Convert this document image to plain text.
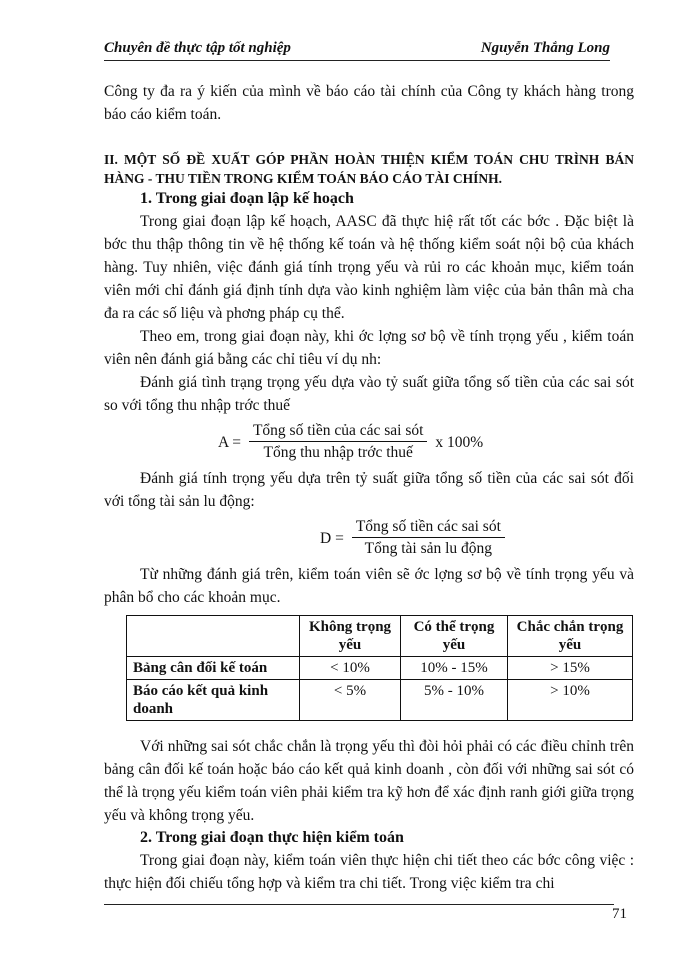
Chuyên đề thực tập tốt nghiệp	Nguyễn Thắng Long

Công ty đa ra ý kiến của mình về báo cáo tài chính của Công ty khách hàng trong báo cáo kiểm toán.

II. MỘT SỐ ĐỀ XUẤT GÓP PHẦN HOÀN THIỆN KIỂM TOÁN CHU TRÌNH BÁN HÀNG - THU TIỀN TRONG KIỂM TOÁN BÁO CÁO TÀI CHÍNH.

1. Trong giai đoạn lập kế hoạch

Trong giai đoạn lập kế hoạch, AASC đã thực hiệ rất tốt các bớc . Đặc biệt là bớc thu thập thông tin về hệ thống kế toán và hệ thống kiểm soát nội bộ của khách hàng. Tuy nhiên, việc đánh giá tính trọng yếu và rủi ro các khoản mục, kiểm toán viên mới chỉ đánh giá định tính dựa vào kinh nghiệm làm việc của bản thân mà cha đa ra các số liệu và phơng pháp cụ thể.

Theo em, trong giai đoạn này, khi ớc lợng sơ bộ về tính trọng yếu , kiểm toán viên nên đánh giá bằng các chỉ tiêu ví dụ nh:

Đánh giá tình trạng trọng yếu dựa vào tỷ suất giữa tổng số tiền của các sai sót so với tổng thu nhập trớc thuế

$A = \frac{\text{Tổng số tiền của các sai sót}}{\text{Tổng thu nhập trớc thuế}}$ x 100%

Đánh giá tính trọng yếu dựa trên tỷ suất giữa tổng số tiền của các sai sót đối với tổng tài sản lu động:

$D = \frac{\text{Tổng số tiền các sai sót}}{\text{Tổng tài sản lu động}}$

Từ những đánh giá trên, kiểm toán viên sẽ ớc lợng sơ bộ về tính trọng yếu và phân bổ cho các khoản mục.

	Không trọng yếu	Có thể trọng yếu	Chắc chắn trọng yếu
Bảng cân đối kế toán	< 10%	10% - 15%	> 15%
Báo cáo kết quả kinh doanh	< 5%	5% - 10%	> 10%

Với những sai sót chắc chắn là trọng yếu thì đòi hỏi phải có các điều chỉnh trên bảng cân đối kế toán hoặc báo cáo kết quả kinh doanh , còn đối với những sai sót có thể là trọng yếu kiểm toán viên phải kiểm tra kỹ hơn để xác định ranh giới giữa trọng yếu và không trọng yếu.

2. Trong giai đoạn thực hiện kiểm toán

Trong giai đoạn này, kiểm toán viên thực hiện chi tiết theo các bớc công việc : thực hiện đối chiếu tổng hợp và kiểm tra chi tiết. Trong việc kiểm tra chi

71
